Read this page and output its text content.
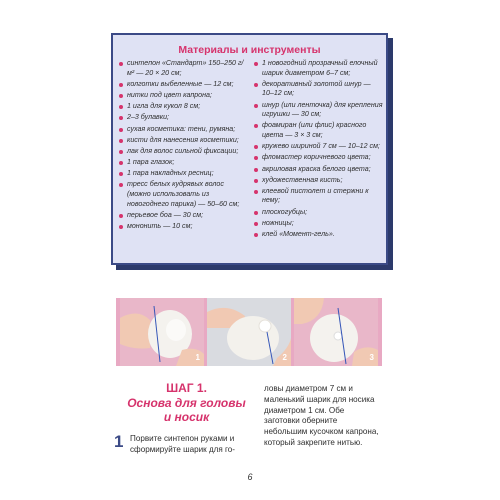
Материалы и инструменты
синтепон «Стандарт» 150–250 г/м² — 20 × 20 см;
колготки выбеленные — 12 см;
нитки под цвет капрона;
1 игла для кукол 8 см;
2–3 булавки;
сухая косметика: тени, румяна;
кисти для нанесения косметики;
лак для волос сильной фиксации;
1 пара глазок;
1 пара накладных ресниц;
тресс белых кудрявых волос (можно использовать из новогоднего парика) — 50–60 см;
перьевое боа — 30 см;
мононить — 10 см;
1 новогодний прозрачный елочный шарик диаметром 6–7 см;
декоративный золотой шнур — 10–12 см;
шнур (или ленточка) для крепления игрушки — 30 см;
фоамиран (или флис) красного цвета — 3 × 3 см;
кружево шириной 7 см — 10–12 см;
фломастер коричневого цвета;
акриловая краска белого цвета;
художественная кисть;
клеевой пистолет и стержни к нему;
плоскогубцы;
ножницы;
клей «Момент-гель».
1	2	3
ШАГ 1.
Основа для головы и носик
1 Порвите синтепон руками и сформируйте шарик для го-
ловы диаметром 7 см и маленький шарик для носика диаметром 1 см. Обе заготовки оберните небольшим кусочком капрона, который закрепите нитью.
6
